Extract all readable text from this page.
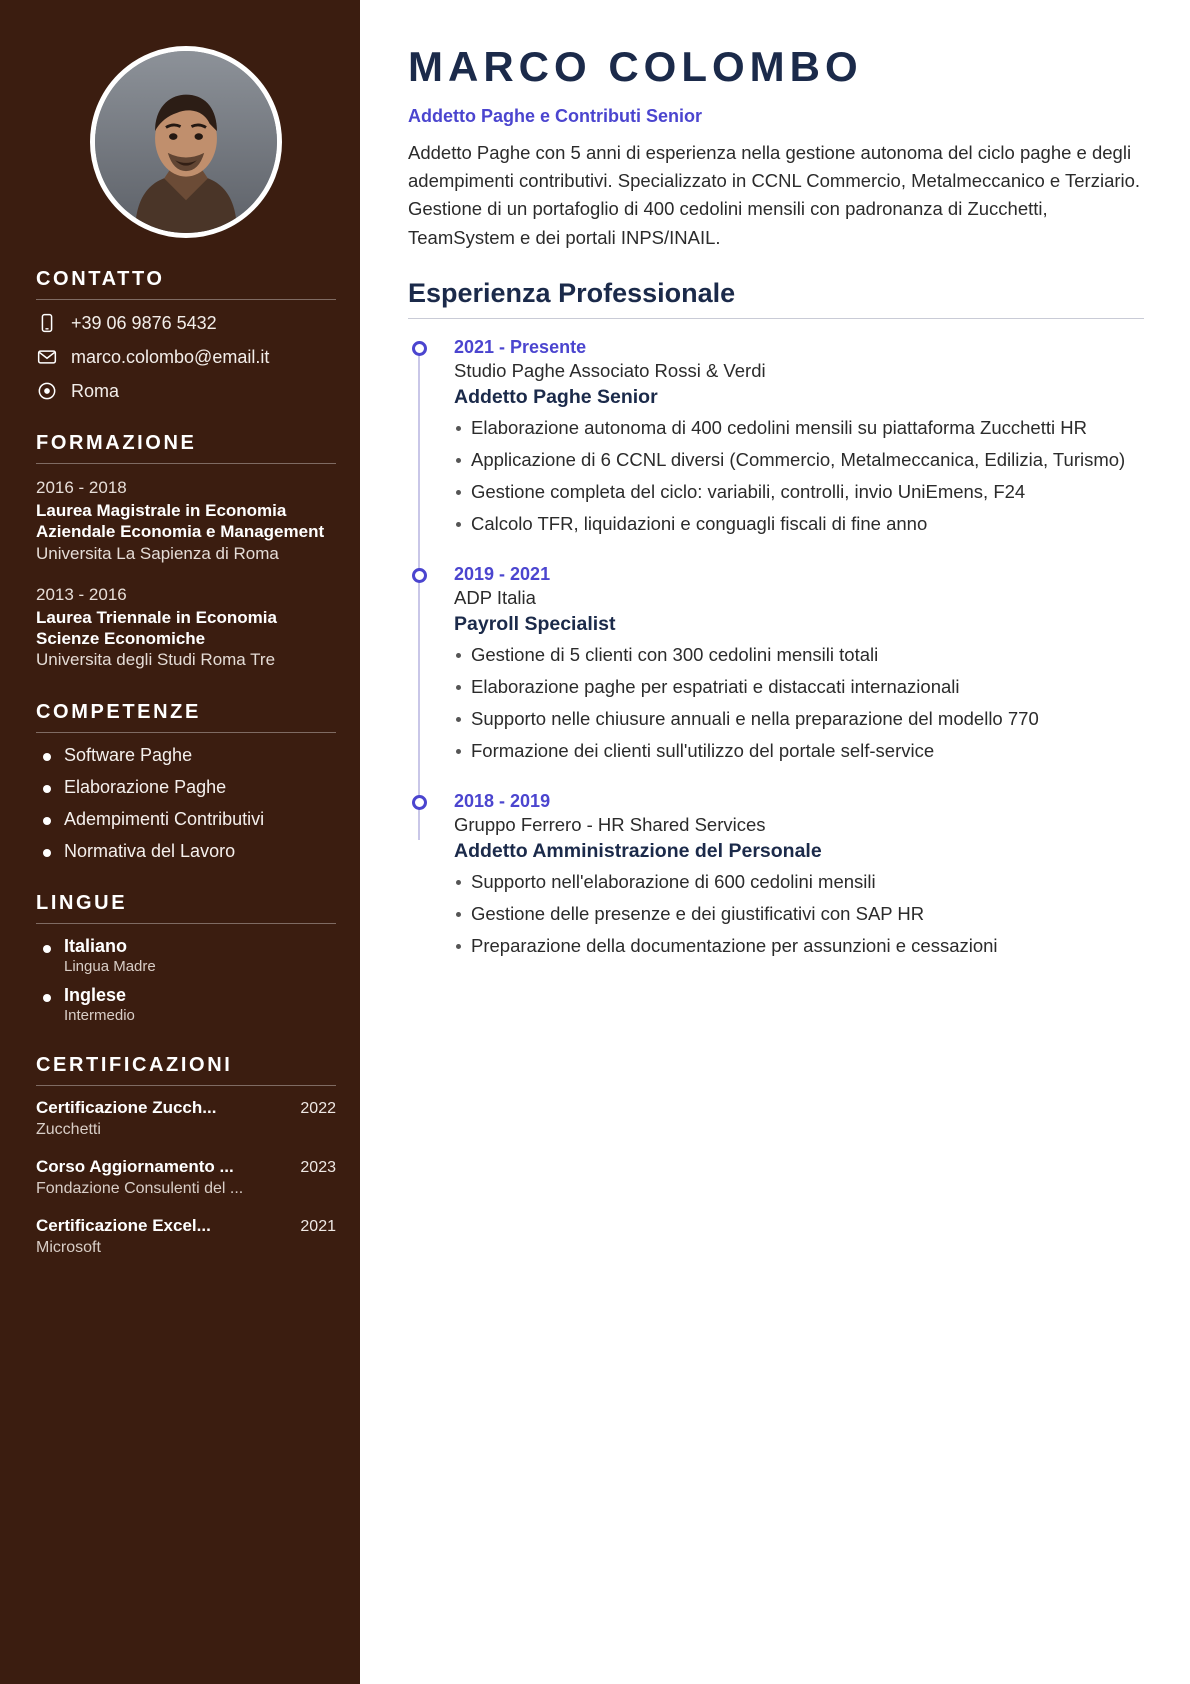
CONTATTO
+39 06 9876 5432
marco.colombo@email.it
Roma
FORMAZIONE
2016 - 2018
Laurea Magistrale in Economia Aziendale Economia e Management
Universita La Sapienza di Roma
2013 - 2016
Laurea Triennale in Economia Scienze Economiche
Universita degli Studi Roma Tre
COMPETENZE
Software Paghe
Elaborazione Paghe
Adempimenti Contributivi
Normativa del Lavoro
LINGUE
Italiano
Lingua Madre
Inglese
Intermedio
CERTIFICAZIONI
Certificazione Zucch...	2022
Zucchetti
Corso Aggiornamento ...	2023
Fondazione Consulenti del ...
Certificazione Excel...	2021
Microsoft
MARCO COLOMBO
Addetto Paghe e Contributi Senior

Addetto Paghe con 5 anni di esperienza nella gestione autonoma del ciclo paghe e degli adempimenti contributivi. Specializzato in CCNL Commercio, Metalmeccanico e Terziario. Gestione di un portafoglio di 400 cedolini mensili con padronanza di Zucchetti, TeamSystem e dei portali INPS/INAIL.

Esperienza Professionale
2021 - Presente
Studio Paghe Associato Rossi & Verdi
Addetto Paghe Senior
Elaborazione autonoma di 400 cedolini mensili su piattaforma Zucchetti HR
Applicazione di 6 CCNL diversi (Commercio, Metalmeccanica, Edilizia, Turismo)
Gestione completa del ciclo: variabili, controlli, invio UniEmens, F24
Calcolo TFR, liquidazioni e conguagli fiscali di fine anno
2019 - 2021
ADP Italia
Payroll Specialist
Gestione di 5 clienti con 300 cedolini mensili totali
Elaborazione paghe per espatriati e distaccati internazionali
Supporto nelle chiusure annuali e nella preparazione del modello 770
Formazione dei clienti sull'utilizzo del portale self-service
2018 - 2019
Gruppo Ferrero - HR Shared Services
Addetto Amministrazione del Personale
Supporto nell'elaborazione di 600 cedolini mensili
Gestione delle presenze e dei giustificativi con SAP HR
Preparazione della documentazione per assunzioni e cessazioni
